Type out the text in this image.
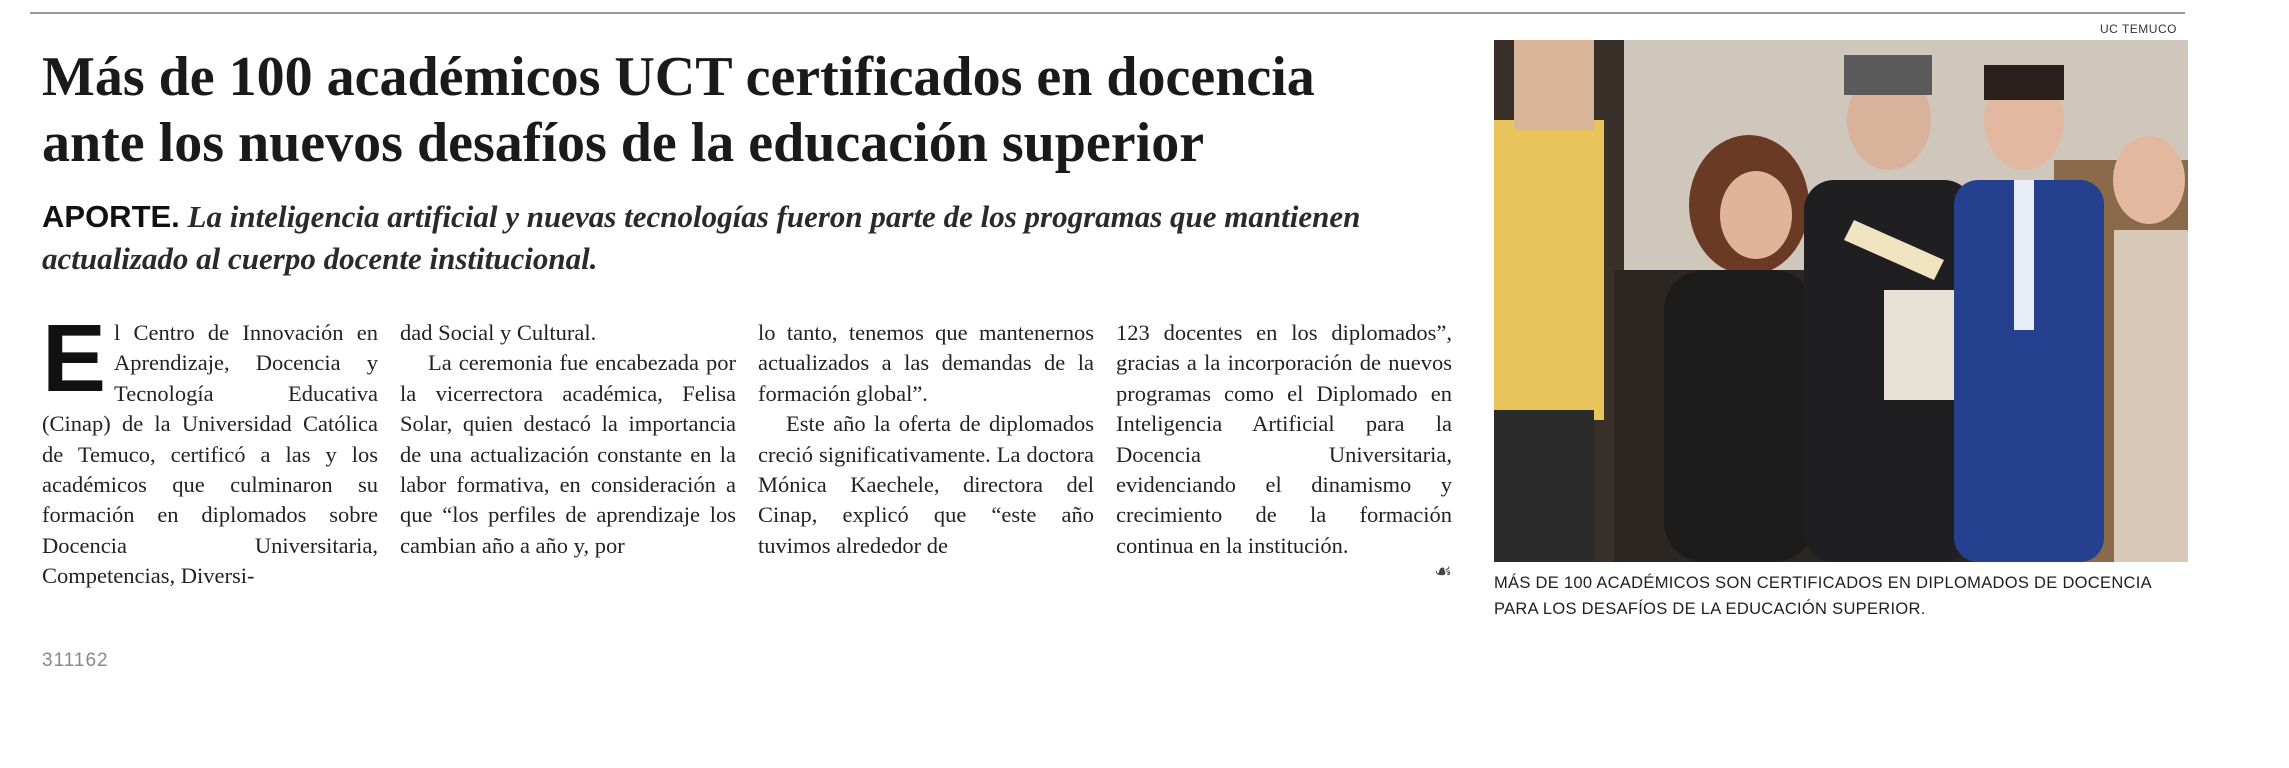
UC TEMUCO
Más de 100 académicos UCT certificados en docencia
ante los nuevos desafíos de la educación superior
APORTE. La inteligencia artificial y nuevas tecnologías fueron parte de los programas que mantienen actualizado al cuerpo docente institucional.

El Centro de Innovación en Aprendizaje, Docencia y Tecnología Educativa (Cinap) de la Universidad Católica de Temuco, certificó a las y los académicos que culminaron su formación en diplomados sobre Docencia Universitaria, Competencias, Diversi-

dad Social y Cultural.

La ceremonia fue encabezada por la vicerrectora académica, Felisa Solar, quien destacó la importancia de una actualización constante en la labor formativa, en consideración a que “los perfiles de aprendizaje los cambian año a año y, por

lo tanto, tenemos que mantenernos actualizados a las demandas de la formación global”.

Este año la oferta de diplomados creció significativamente. La doctora Mónica Kaechele, directora del Cinap, explicó que “este año tuvimos alrededor de

123 docentes en los diplomados”, gracias a la incorporación de nuevos programas como el Diplomado en Inteligencia Artificial para la Docencia Universitaria, evidenciando el dinamismo y crecimiento de la formación continua en la institución.

☙
311162
MÁS DE 100 ACADÉMICOS SON CERTIFICADOS EN DIPLOMADOS DE DOCENCIA PARA LOS DESAFÍOS DE LA EDUCACIÓN SUPERIOR.
